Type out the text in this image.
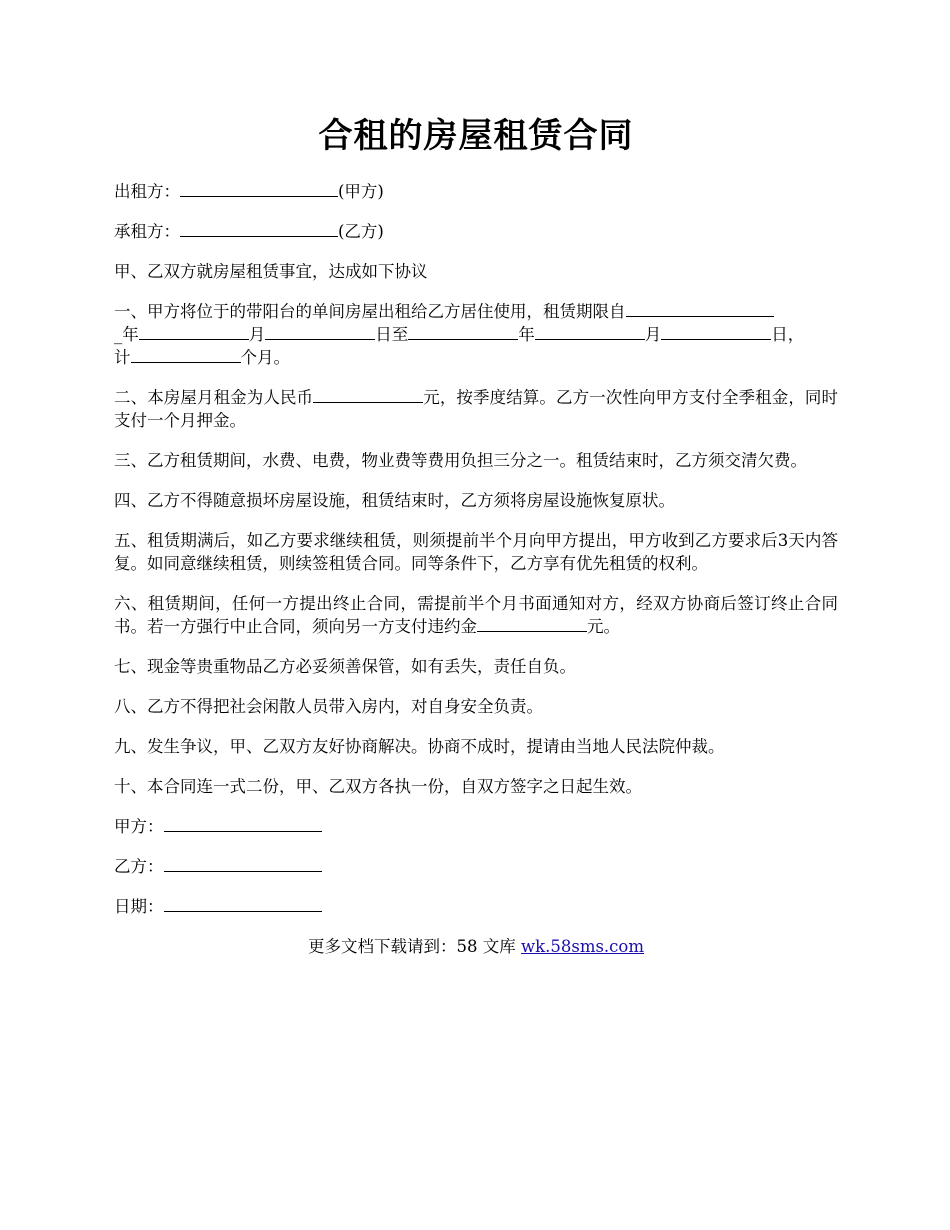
合租的房屋租赁合同

出租方：	(甲方)

承租方：	(乙方)

甲、乙双方就房屋租赁事宜，达成如下协议

一、甲方将位于的带阳台的单间房屋出租给乙方居住使用，租赁期限自
_年	月	日至	年	月	日，
计	个月。

二、本房屋月租金为人民币	元，按季度结算。乙方一次性向甲方支付全季租金，同时支付一个月押金。

三、乙方租赁期间，水费、电费，物业费等费用负担三分之一。租赁结束时，乙方须交清欠费。

四、乙方不得随意损坏房屋设施，租赁结束时，乙方须将房屋设施恢复原状。

五、租赁期满后，如乙方要求继续租赁，则须提前半个月向甲方提出，甲方收到乙方要求后3天内答复。如同意继续租赁，则续签租赁合同。同等条件下，乙方享有优先租赁的权利。

六、租赁期间，任何一方提出终止合同，需提前半个月书面通知对方，经双方协商后签订终止合同书。若一方强行中止合同，须向另一方支付违约金	元。

七、现金等贵重物品乙方必妥须善保管，如有丢失，责任自负。

八、乙方不得把社会闲散人员带入房内，对自身安全负责。

九、发生争议，甲、乙双方友好协商解决。协商不成时，提请由当地人民法院仲裁。

十、本合同连一式二份，甲、乙双方各执一份，自双方签字之日起生效。

甲方：

乙方：

日期：

更多文档下载请到：58 文库 wk.58sms.com
